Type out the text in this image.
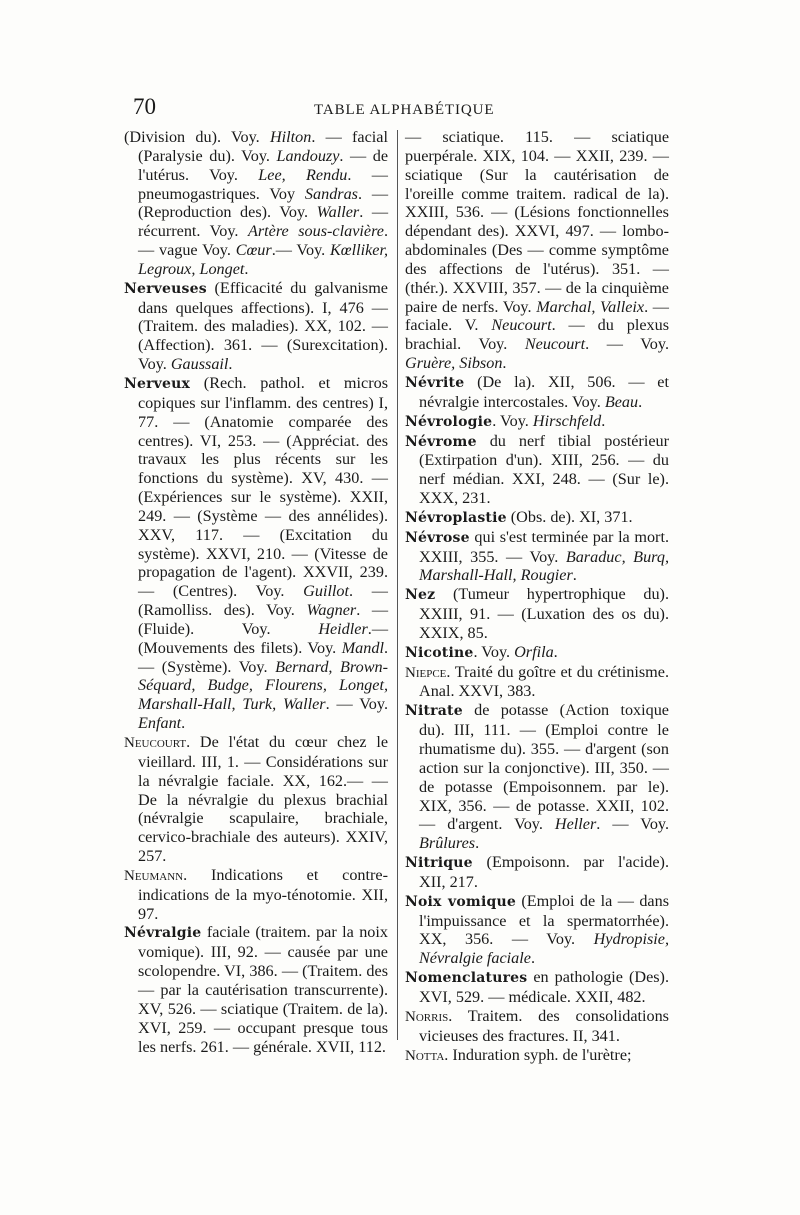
70	TABLE ALPHABÉTIQUE

(Division du). Voy. Hilton. — facial (Paralysie du). Voy. Landouzy. — de l'utérus. Voy. Lee, Rendu. — pneumogastriques. Voy Sandras. — (Reproduction des). Voy. Waller. — récurrent. Voy. Artère sous-clavière. — vague Voy. Cœur.— Voy. Kœlliker, Legroux, Longet.

Nerveuses (Efficacité du galvanisme dans quelques affections). I, 476 — (Traitem. des maladies). XX, 102. — (Affection). 361. — (Surexcitation). Voy. Gaussail.

Nerveux (Rech. pathol. et micros copiques sur l'inflamm. des centres) I, 77. — (Anatomie comparée des centres). VI, 253. — (Appréciat. des travaux les plus récents sur les fonctions du système). XV, 430. — (Expériences sur le système). XXII, 249. — (Système — des annélides). XXV, 117. — (Excitation du système). XXVI, 210. — (Vitesse de propagation de l'agent). XXVII, 239. — (Centres). Voy. Guillot. — (Ramolliss. des). Voy. Wagner. — (Fluide). Voy. Heidler.— (Mouvements des filets). Voy. Mandl.— (Système). Voy. Bernard, Brown-Séquard, Budge, Flourens, Longet, Marshall-Hall, Turk, Waller. — Voy. Enfant.

Neucourt. De l'état du cœur chez le vieillard. III, 1. — Considérations sur la névralgie faciale. XX, 162.— — De la névralgie du plexus brachial (névralgie scapulaire, brachiale, cervico-brachiale des auteurs). XXIV, 257.

Neumann. Indications et contre-indications de la myo-ténotomie. XII, 97.

Névralgie faciale (traitem. par la noix vomique). III, 92. — causée par une scolopendre. VI, 386. — (Traitem. des — par la cautérisation transcurrente). XV, 526. — sciatique (Traitem. de la). XVI, 259. — occupant presque tous les nerfs. 261. — générale. XVII, 112.

— sciatique. 115. — sciatique puerpérale. XIX, 104. — XXII, 239. — sciatique (Sur la cautérisation de l'oreille comme traitem. radical de la). XXIII, 536. — (Lésions fonctionnelles dépendant des). XXVI, 497. — lombo-abdominales (Des — comme symptôme des affections de l'utérus). 351. — (thér.). XXVIII, 357. — de la cinquième paire de nerfs. Voy. Marchal, Valleix. — faciale. V. Neucourt. — du plexus brachial. Voy. Neucourt. — Voy. Gruère, Sibson.

Névrite (De la). XII, 506. — et névralgie intercostales. Voy. Beau.

Névrologie. Voy. Hirschfeld.

Névrome du nerf tibial postérieur (Extirpation d'un). XIII, 256. — du nerf médian. XXI, 248. — (Sur le). XXX, 231.

Névroplastie (Obs. de). XI, 371.

Névrose qui s'est terminée par la mort. XXIII, 355. — Voy. Baraduc, Burq, Marshall-Hall, Rougier.

Nez (Tumeur hypertrophique du). XXIII, 91. — (Luxation des os du). XXIX, 85.

Nicotine. Voy. Orfila.

Niepce. Traité du goître et du crétinisme. Anal. XXVI, 383.

Nitrate de potasse (Action toxique du). III, 111. — (Emploi contre le rhumatisme du). 355. — d'argent (son action sur la conjonctive). III, 350. — de potasse (Empoisonnem. par le). XIX, 356. — de potasse. XXII, 102. — d'argent. Voy. Heller. — Voy. Brûlures.

Nitrique (Empoisonn. par l'acide). XII, 217.

Noix vomique (Emploi de la — dans l'impuissance et la spermatorrhée). XX, 356. — Voy. Hydropisie, Névralgie faciale.

Nomenclatures en pathologie (Des). XVI, 529. — médicale. XXII, 482.

Norris. Traitem. des consolidations vicieuses des fractures. II, 341.

Notta. Induration syph. de l'urètre;
